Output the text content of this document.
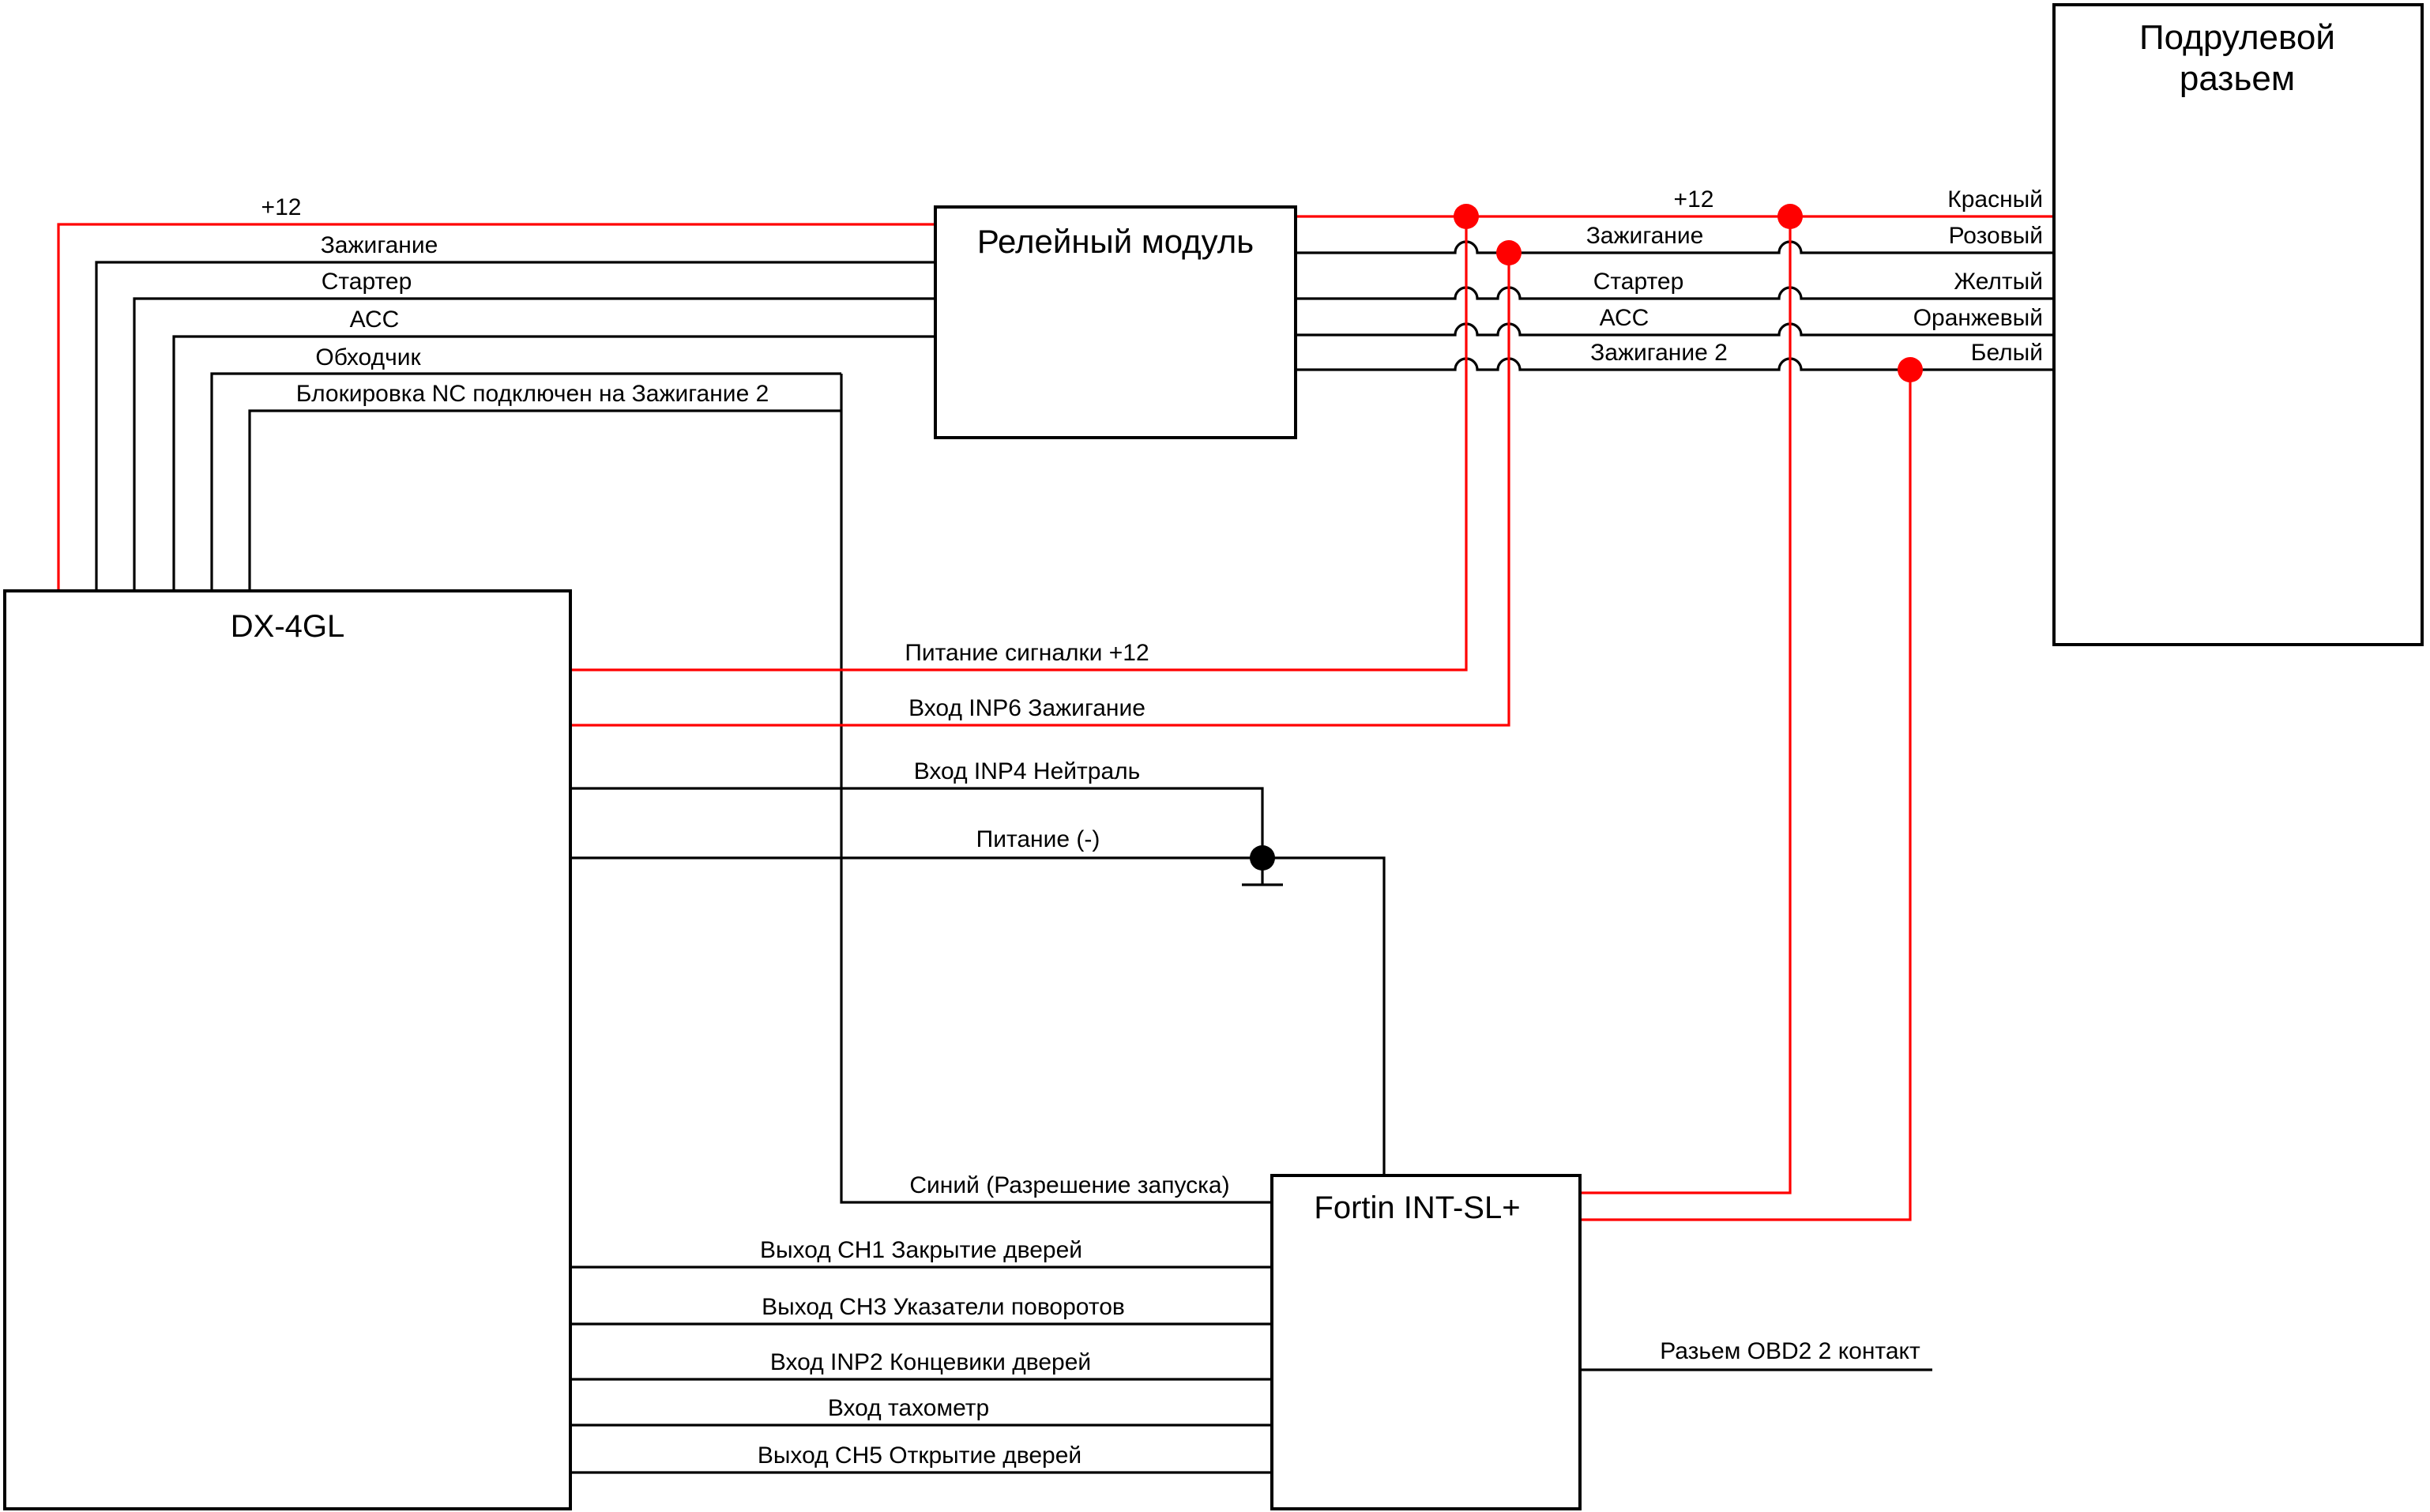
DX-4GL
Релейный модуль
Fortin INT-SL+
Подрулевой
разьем
+12
Зажигание
Стартер
АСС
Обходчик
Блокировка NC подключен на Зажигание 2
+12
Зажигание
Стартер
АСС
Зажигание 2
Красный
Розовый
Желтый
Оранжевый
Белый
Питание сигналки +12
Вход INP6 Зажигание
Вход INP4 Нейтраль
Питание (-)
Синий (Разрешение запуска)
Выход CH1 Закрытие дверей
Выход CH3 Указатели поворотов
Вход INP2 Концевики дверей
Вход тахометр
Выход CH5 Открытие дверей
Разьем OBD2 2 контакт
